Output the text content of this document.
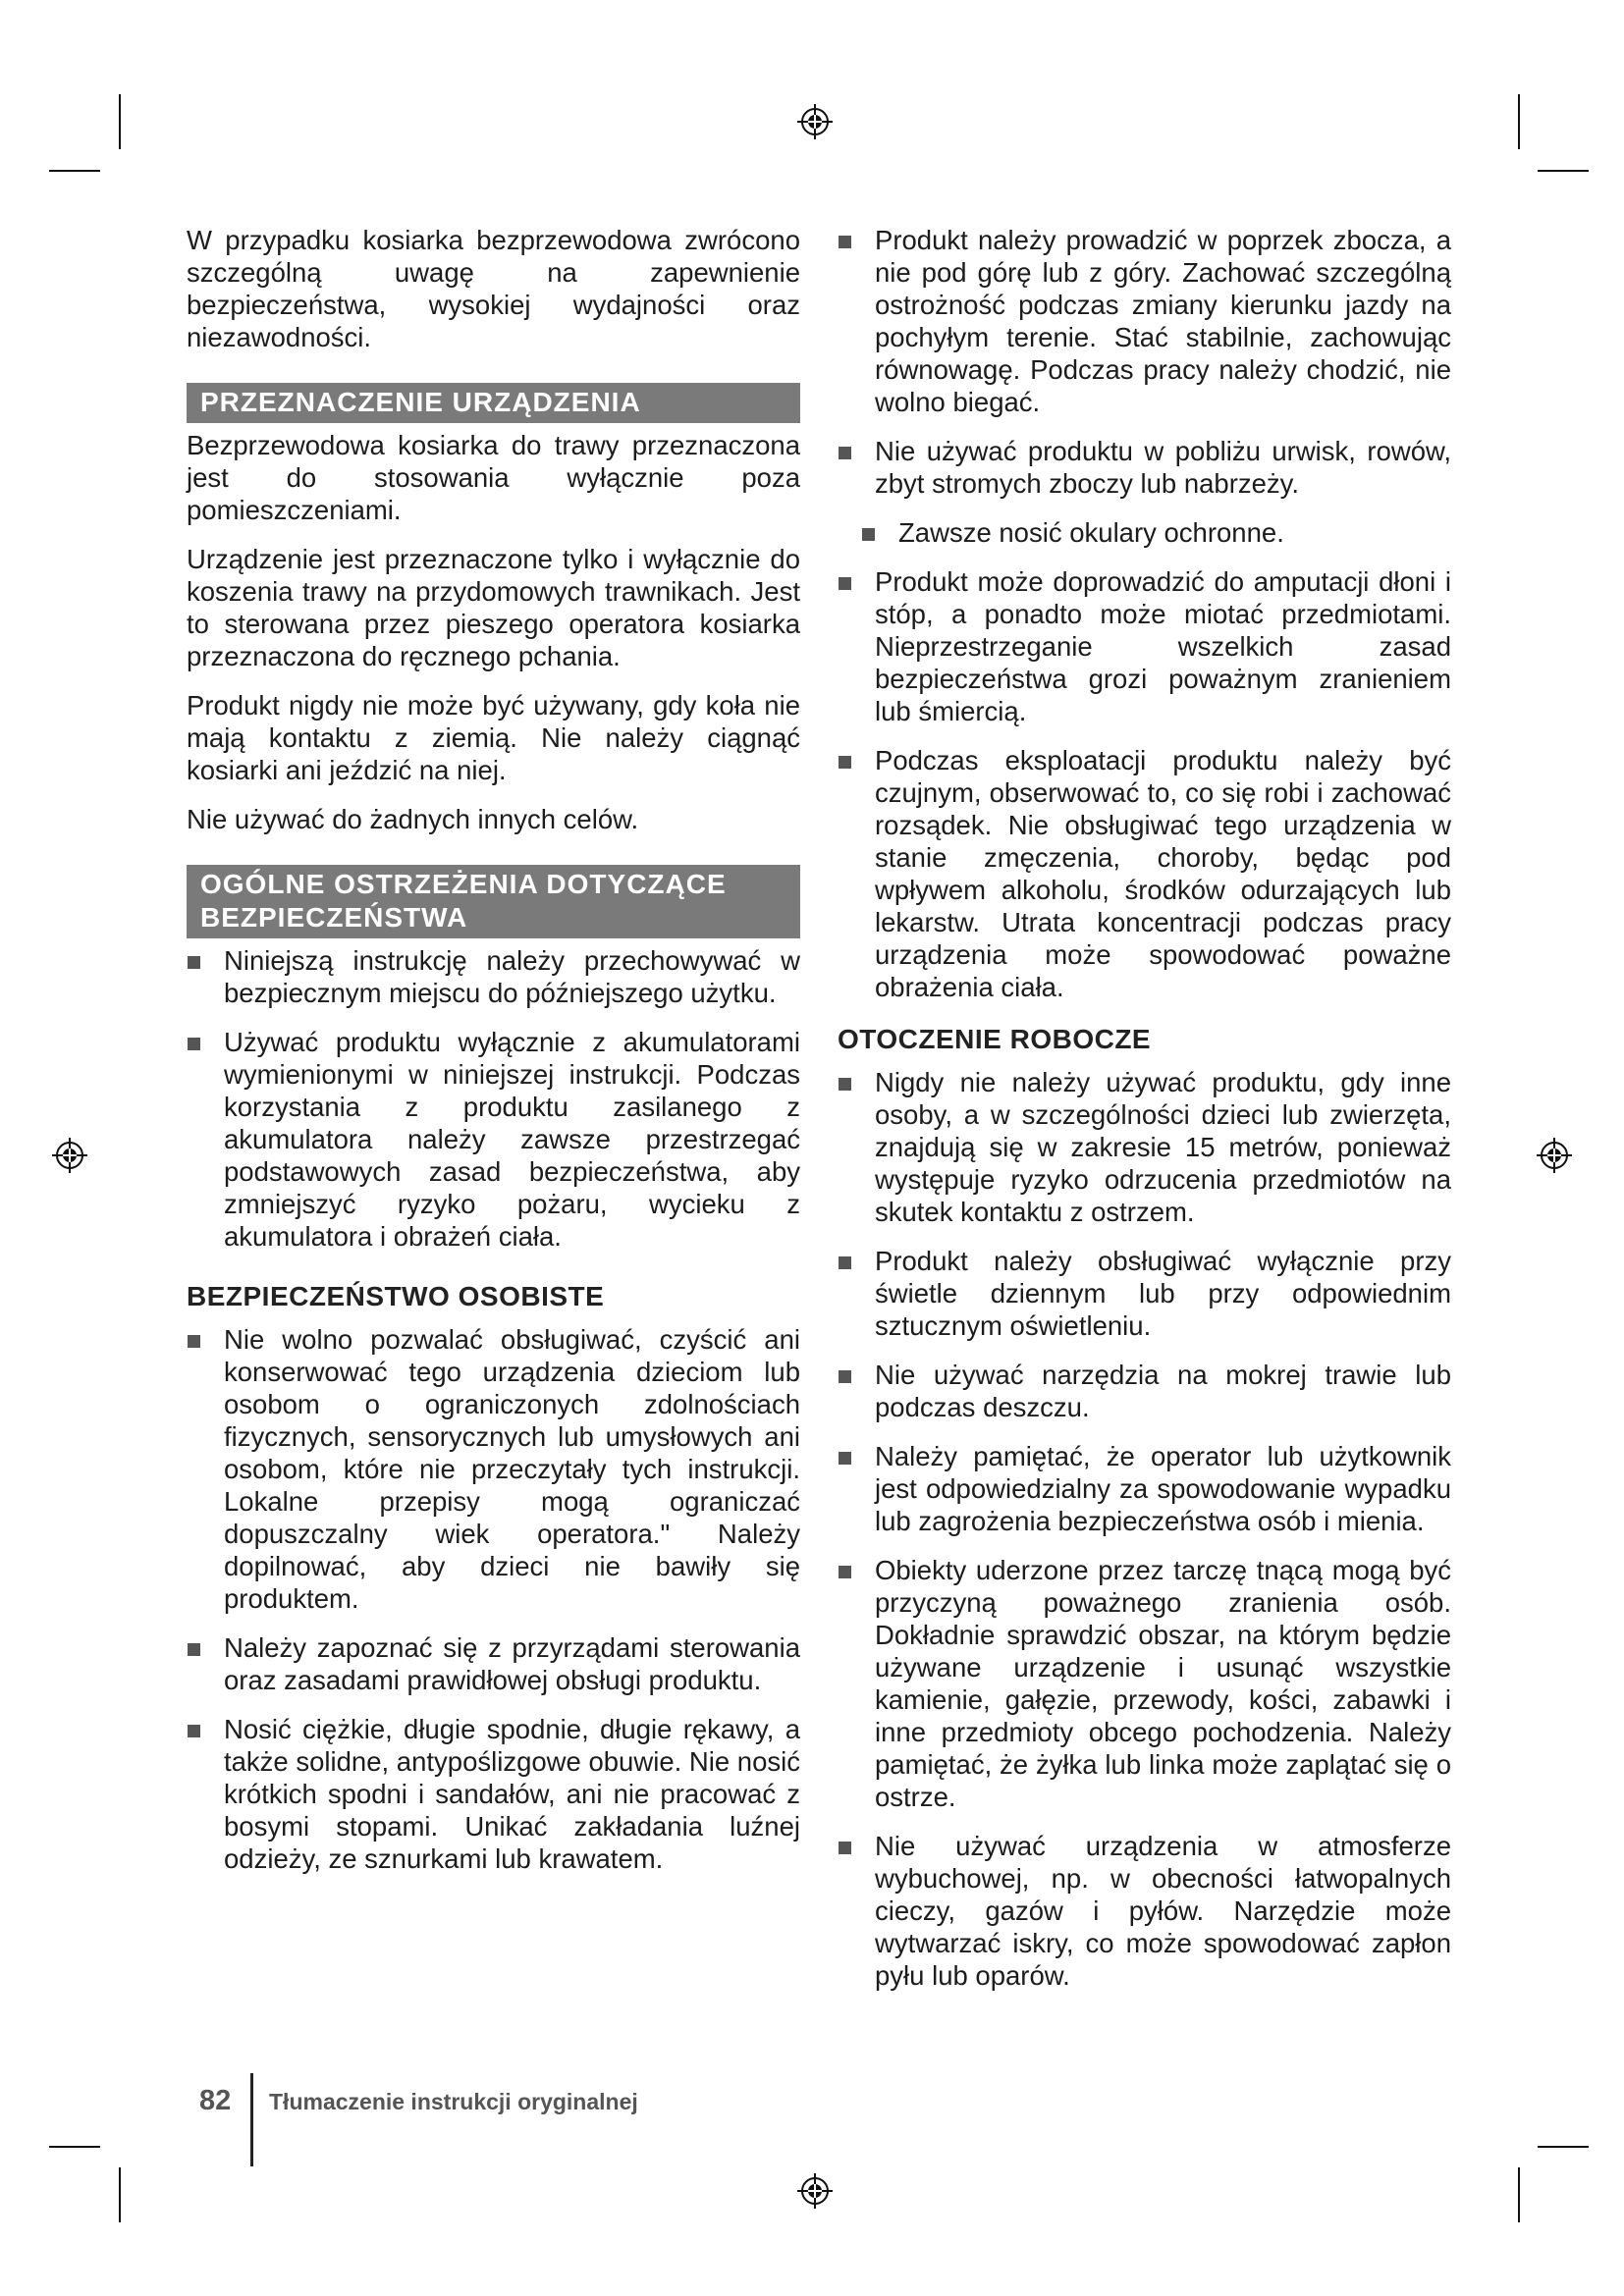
W przypadku kosiarka bezprzewodowa zwrócono szczególną uwagę na zapewnienie bezpieczeństwa, wysokiej wydajności oraz niezawodności.

PRZEZNACZENIE URZĄDZENIA

Bezprzewodowa kosiarka do trawy przeznaczona jest do stosowania wyłącznie poza pomieszczeniami.

Urządzenie jest przeznaczone tylko i wyłącznie do koszenia trawy na przydomowych trawnikach. Jest to sterowana przez pieszego operatora kosiarka przeznaczona do ręcznego pchania.

Produkt nigdy nie może być używany, gdy koła nie mają kontaktu z ziemią. Nie należy ciągnąć kosiarki ani jeździć na niej.

Nie używać do żadnych innych celów.

OGÓLNE OSTRZEŻENIA DOTYCZĄCE
BEZPIECZEŃSTWA
Niniejszą instrukcję należy przechowywać w bezpiecznym miejscu do późniejszego użytku.
Używać produktu wyłącznie z akumulatorami wymienionymi w niniejszej instrukcji. Podczas korzystania z produktu zasilanego z akumulatora należy zawsze przestrzegać podstawowych zasad bezpieczeństwa, aby zmniejszyć ryzyko pożaru, wycieku z akumulatora i obrażeń ciała.
BEZPIECZEŃSTWO OSOBISTE
Nie wolno pozwalać obsługiwać, czyścić ani konserwować tego urządzenia dzieciom lub osobom o ograniczonych zdolnościach fizycznych, sensorycznych lub umysłowych ani osobom, które nie przeczytały tych instrukcji. Lokalne przepisy mogą ograniczać dopuszczalny wiek operatora." Należy dopilnować, aby dzieci nie bawiły się produktem.
Należy zapoznać się z przyrządami sterowania oraz zasadami prawidłowej obsługi produktu.
Nosić ciężkie, długie spodnie, długie rękawy, a także solidne, antypoślizgowe obuwie. Nie nosić krótkich spodni i sandałów, ani nie pracować z bosymi stopami. Unikać zakładania luźnej odzieży, ze sznurkami lub krawatem.
Produkt należy prowadzić w poprzek zbocza, a nie pod górę lub z góry. Zachować szczególną ostrożność podczas zmiany kierunku jazdy na pochyłym terenie. Stać stabilnie, zachowując równowagę. Podczas pracy należy chodzić, nie wolno biegać.
Nie używać produktu w pobliżu urwisk, rowów, zbyt stromych zboczy lub nabrzeży.
Zawsze nosić okulary ochronne.
Produkt może doprowadzić do amputacji dłoni i stóp, a ponadto może miotać przedmiotami. Nieprzestrzeganie wszelkich zasad bezpieczeństwa grozi poważnym zranieniem lub śmiercią.
Podczas eksploatacji produktu należy być czujnym, obserwować to, co się robi i zachować rozsądek. Nie obsługiwać tego urządzenia w stanie zmęczenia, choroby, będąc pod wpływem alkoholu, środków odurzających lub lekarstw. Utrata koncentracji podczas pracy urządzenia może spowodować poważne obrażenia ciała.
OTOCZENIE ROBOCZE
Nigdy nie należy używać produktu, gdy inne osoby, a w szczególności dzieci lub zwierzęta, znajdują się w zakresie 15 metrów, ponieważ występuje ryzyko odrzucenia przedmiotów na skutek kontaktu z ostrzem.
Produkt należy obsługiwać wyłącznie przy świetle dziennym lub przy odpowiednim sztucznym oświetleniu.
Nie używać narzędzia na mokrej trawie lub podczas deszczu.
Należy pamiętać, że operator lub użytkownik jest odpowiedzialny za spowodowanie wypadku lub zagrożenia bezpieczeństwa osób i mienia.
Obiekty uderzone przez tarczę tnącą mogą być przyczyną poważnego zranienia osób. Dokładnie sprawdzić obszar, na którym będzie używane urządzenie i usunąć wszystkie kamienie, gałęzie, przewody, kości, zabawki i inne przedmioty obcego pochodzenia. Należy pamiętać, że żyłka lub linka może zaplątać się o ostrze.
Nie używać urządzenia w atmosferze wybuchowej, np. w obecności łatwopalnych cieczy, gazów i pyłów. Narzędzie może wytwarzać iskry, co może spowodować zapłon pyłu lub oparów.
82 Tłumaczenie instrukcji oryginalnej
